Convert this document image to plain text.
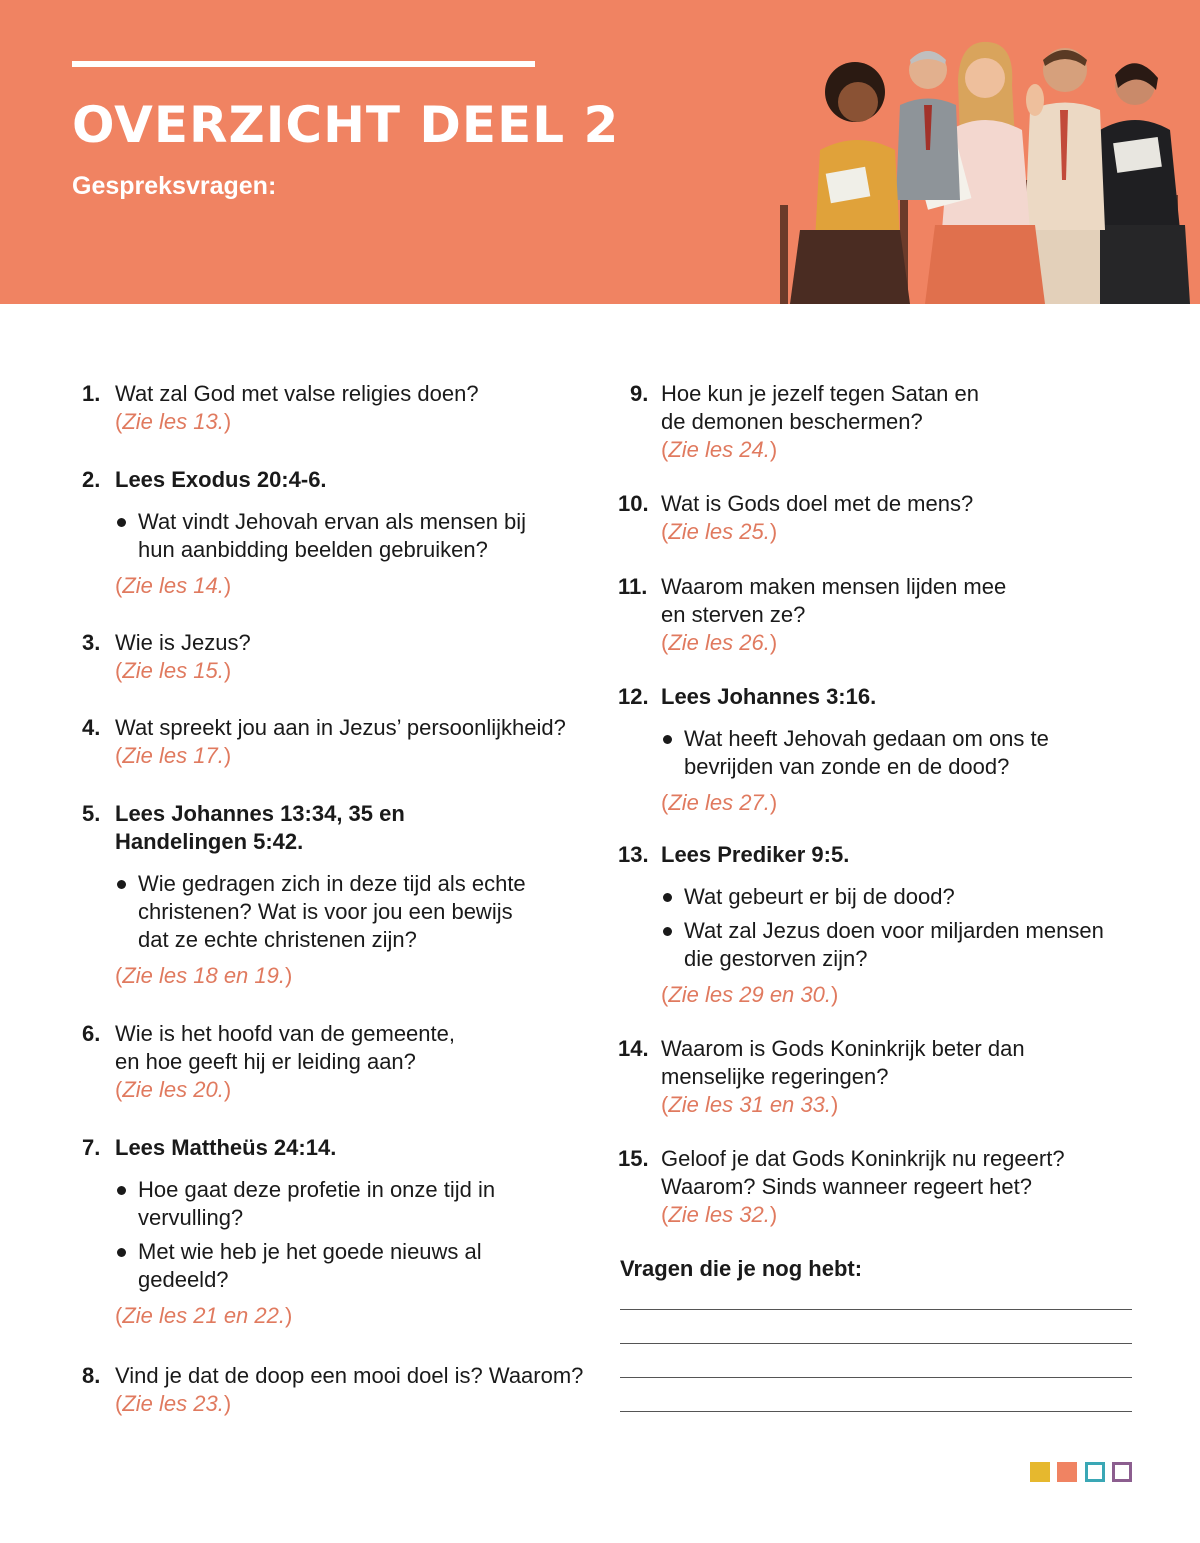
OVERZICHT DEEL 2
Gespreksvragen:
1. Wat zal God met valse religies doen?
(Zie les 13.)
2. Lees Exodus 20:4-6.
Wat vindt Jehovah ervan als mensen bij hun aanbidding beelden gebruiken?
(Zie les 14.)
3. Wie is Jezus?
(Zie les 15.)
4. Wat spreekt jou aan in Jezus’ persoonlijkheid?
(Zie les 17.)
5. Lees Johannes 13:34, 35 en Handelingen 5:42.
Wie gedragen zich in deze tijd als echte christenen? Wat is voor jou een bewijs dat ze echte christenen zijn?
(Zie les 18 en 19.)
6. Wie is het hoofd van de gemeente, en hoe geeft hij er leiding aan?
(Zie les 20.)
7. Lees Mattheüs 24:14.
Hoe gaat deze profetie in onze tijd in vervulling?
Met wie heb je het goede nieuws al gedeeld?
(Zie les 21 en 22.)
8. Vind je dat de doop een mooi doel is? Waarom?
(Zie les 23.)
9. Hoe kun je jezelf tegen Satan en de demonen beschermen?
(Zie les 24.)
10. Wat is Gods doel met de mens?
(Zie les 25.)
11. Waarom maken mensen lijden mee en sterven ze?
(Zie les 26.)
12. Lees Johannes 3:16.
Wat heeft Jehovah gedaan om ons te bevrijden van zonde en de dood?
(Zie les 27.)
13. Lees Prediker 9:5.
Wat gebeurt er bij de dood?
Wat zal Jezus doen voor miljarden mensen die gestorven zijn?
(Zie les 29 en 30.)
14. Waarom is Gods Koninkrijk beter dan menselijke regeringen?
(Zie les 31 en 33.)
15. Geloof je dat Gods Koninkrijk nu regeert? Waarom? Sinds wanneer regeert het?
(Zie les 32.)
Vragen die je nog hebt:
